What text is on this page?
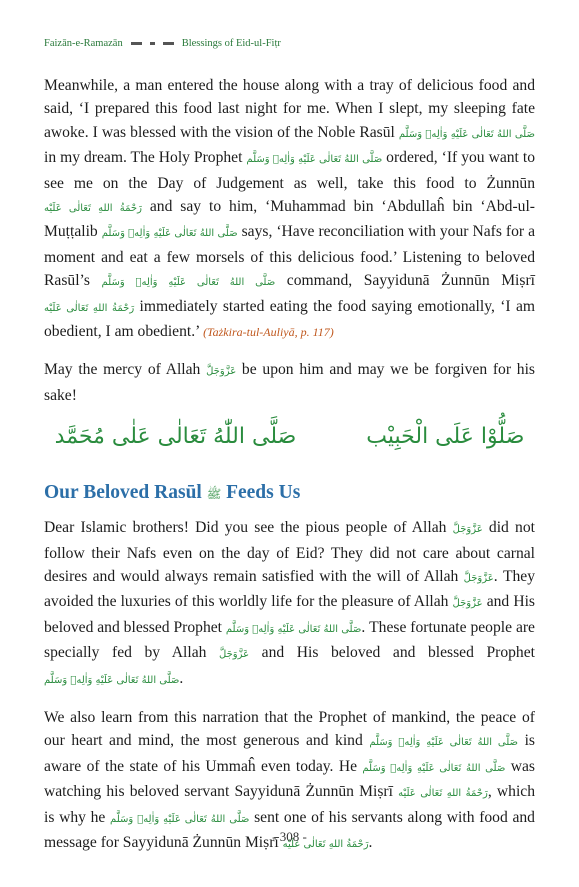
Faizān-e-Ramazān	Blessings of Eid-ul-Fiṭr

Meanwhile, a man entered the house along with a tray of delicious food and said, ‘I prepared this food last night for me. When I slept, my sleeping fate awoke. I was blessed with the vision of the Noble Rasūl صَلَّى اللهُ تَعَالٰى عَلَيْهِ وَاٰلِهٖ وَسَلَّم in my dream. The Holy Prophet صَلَّى اللهُ تَعَالٰى عَلَيْهِ وَاٰلِهٖ وَسَلَّم ordered, ‘If you want to see me on the Day of Judgement as well, take this food to Żunnūn رَحْمَةُ اللهِ تَعَالٰى عَلَيْه and say to him, ‘Muhammad bin ‘Abdullaĥ bin ‘Abd-ul-Muṭṭalib صَلَّى اللهُ تَعَالٰى عَلَيْهِ وَاٰلِهٖ وَسَلَّم says, ‘Have reconciliation with your Nafs for a moment and eat a few morsels of this delicious food.’ Listening to beloved Rasūl’s صَلَّى اللهُ تَعَالٰى عَلَيْهِ وَاٰلِهٖ وَسَلَّم command, Sayyidunā Żunnūn Miṣrī رَحْمَةُ اللهِ تَعَالٰى عَلَيْه immediately started eating the food saying emotionally, ‘I am obedient, I am obedient.’ (Tażkira-tul-Auliyā, p. 117)

May the mercy of Allah عَزَّوَجَلَّ be upon him and may we be forgiven for his sake!

صَلُّوْا عَلَى الْحَبِيْب
صَلَّى اللّٰهُ تَعَالٰى عَلٰى مُحَمَّد
Our Beloved Rasūl ﷺ Feeds Us

Dear Islamic brothers! Did you see the pious people of Allah عَزَّوَجَلَّ did not follow their Nafs even on the day of Eid? They did not care about carnal desires and would always remain satisfied with the will of Allah عَزَّوَجَلَّ. They avoided the luxuries of this worldly life for the pleasure of Allah عَزَّوَجَلَّ and His beloved and blessed Prophet صَلَّى اللهُ تَعَالٰى عَلَيْهِ وَاٰلِهٖ وَسَلَّم. These fortunate people are specially fed by Allah عَزَّوَجَلَّ and His beloved and blessed Prophet صَلَّى اللهُ تَعَالٰى عَلَيْهِ وَاٰلِهٖ وَسَلَّم.

We also learn from this narration that the Prophet of mankind, the peace of our heart and mind, the most generous and kind صَلَّى اللهُ تَعَالٰى عَلَيْهِ وَاٰلِهٖ وَسَلَّم is aware of the state of his Ummaĥ even today. He صَلَّى اللهُ تَعَالٰى عَلَيْهِ وَاٰلِهٖ وَسَلَّم was watching his beloved servant Sayyidunā Żunnūn Miṣrī رَحْمَةُ اللهِ تَعَالٰى عَلَيْه, which is why he صَلَّى اللهُ تَعَالٰى عَلَيْهِ وَاٰلِهٖ وَسَلَّم sent one of his servants along with food and message for Sayyidunā Żunnūn Miṣrī رَحْمَةُ اللهِ تَعَالٰى عَلَيْه.

- 308 -
